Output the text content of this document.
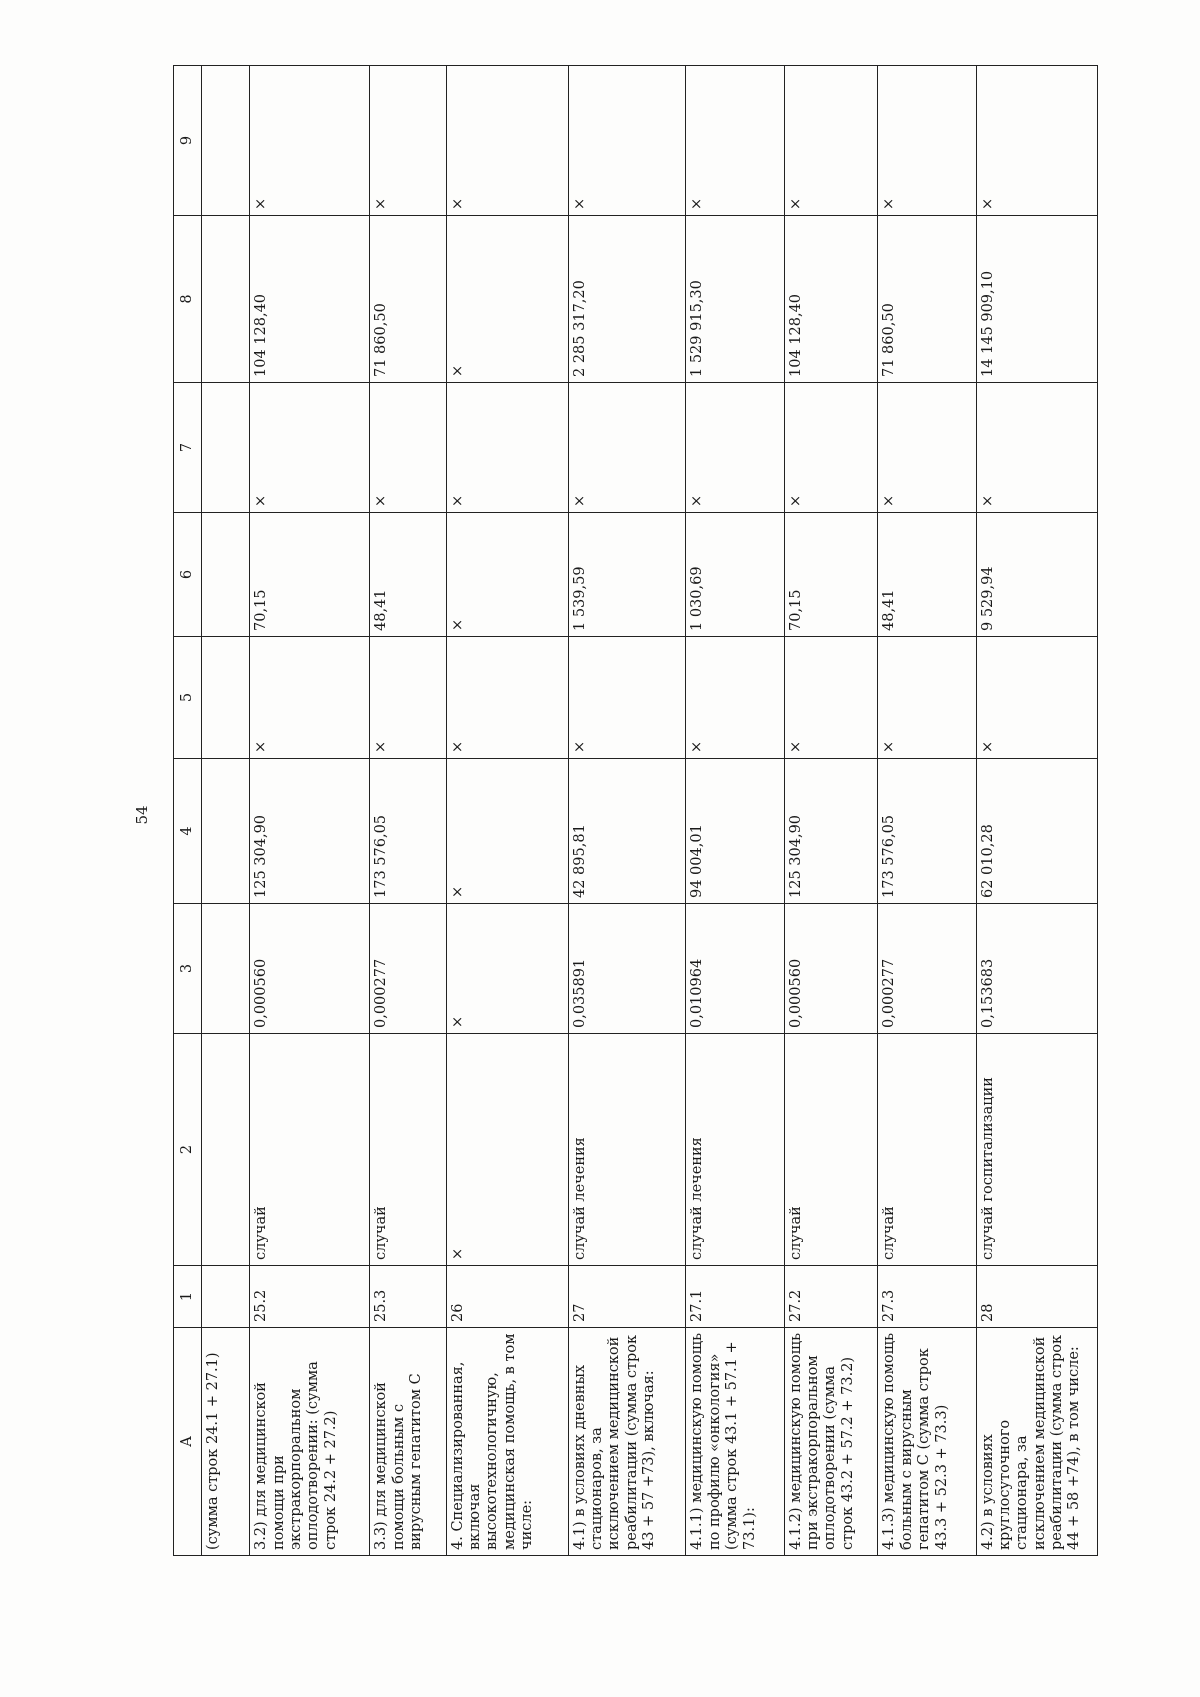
54
A	1	2	3	4	5	6	7	8	9
(сумма строк 24.1 + 27.1)									
3.2) для медицинской помощи при экстракорпоральном оплодотворении: (сумма строк 24.2 + 27.2)	25.2	случай	0,000560	125 304,90	×	70,15	×	104 128,40	×
3.3) для медицинской помощи больным с вирусным гепатитом С	25.3	случай	0,000277	173 576,05	×	48,41	×	71 860,50	×
4. Специализированная, включая высокотехнологичную, медицинская помощь, в том числе:	26	×	×	×	×	×	×	×	×
4.1) в условиях дневных стационаров, за исключением медицинской реабилитации (сумма строк 43 + 57 +73), включая:	27	случай лечения	0,035891	42 895,81	×	1 539,59	×	2 285 317,20	×
4.1.1) медицинскую помощь по профилю «онкология» (сумма строк 43.1 + 57.1 + 73.1):	27.1	случай лечения	0,010964	94 004,01	×	1 030,69	×	1 529 915,30	×
4.1.2) медицинскую помощь при экстракорпоральном оплодотворении (сумма строк 43.2 + 57.2 + 73.2)	27.2	случай	0,000560	125 304,90	×	70,15	×	104 128,40	×
4.1.3) медицинскую помощь больным с вирусным гепатитом С (сумма строк 43.3 + 52.3 + 73.3)	27.3	случай	0,000277	173 576,05	×	48,41	×	71 860,50	×
4.2) в условиях круглосуточного стационара, за исключением медицинской реабилитации (сумма строк 44 + 58 +74), в том числе:	28	случай госпитализации	0,153683	62 010,28	×	9 529,94	×	14 145 909,10	×
